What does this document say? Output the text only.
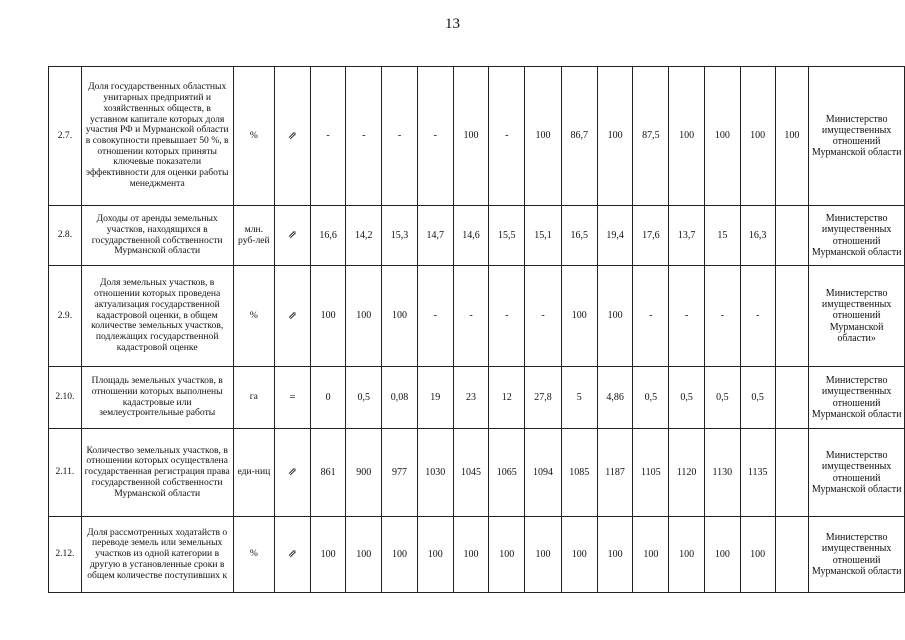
13
2.7.	Доля государственных областных унитарных предприятий и хозяйственных обществ, в уставном капитале которых доля участия РФ и Мурманской области в совокупности превышает 50 %, в отношении которых приняты ключевые показатели эффективности для оценки работы менеджмента	%	⇗	-	-	-	-	100	-	100	86,7	100	87,5	100	100	100	100	Министерство имущественных отношений Мурманской области
2.8.	Доходы от аренды земельных участков, находящихся в государственной собственности Мурманской области	млн. руб-лей	⇗	16,6	14,2	15,3	14,7	14,6	15,5	15,1	16,5	19,4	17,6	13,7	15	16,3		Министерство имущественных отношений Мурманской области
2.9.	Доля земельных участков, в отношении которых проведена актуализация государственной кадастровой оценки, в общем количестве земельных участков, подлежащих государственной кадастровой оценке	%	⇗	100	100	100	-	-	-	-	100	100	-	-	-	-		Министерство имущественных отношений Мурманской области»
2.10.	Площадь земельных участков, в отношении которых выполнены кадастровые или землеустроительные работы	га	=	0	0,5	0,08	19	23	12	27,8	5	4,86	0,5	0,5	0,5	0,5		Министерство имущественных отношений Мурманской области
2.11.	Количество земельных участков, в отношении которых осуществлена государственная регистрация права государственной собственности Мурманской области	еди-ниц	⇗	861	900	977	1030	1045	1065	1094	1085	1187	1105	1120	1130	1135		Министерство имущественных отношений Мурманской области
2.12.	Доля рассмотренных ходатайств о переводе земель или земельных участков из одной категории в другую в установленные сроки в общем количестве поступивших к	%	⇗	100	100	100	100	100	100	100	100	100	100	100	100	100		Министерство имущественных отношений Мурманской области
